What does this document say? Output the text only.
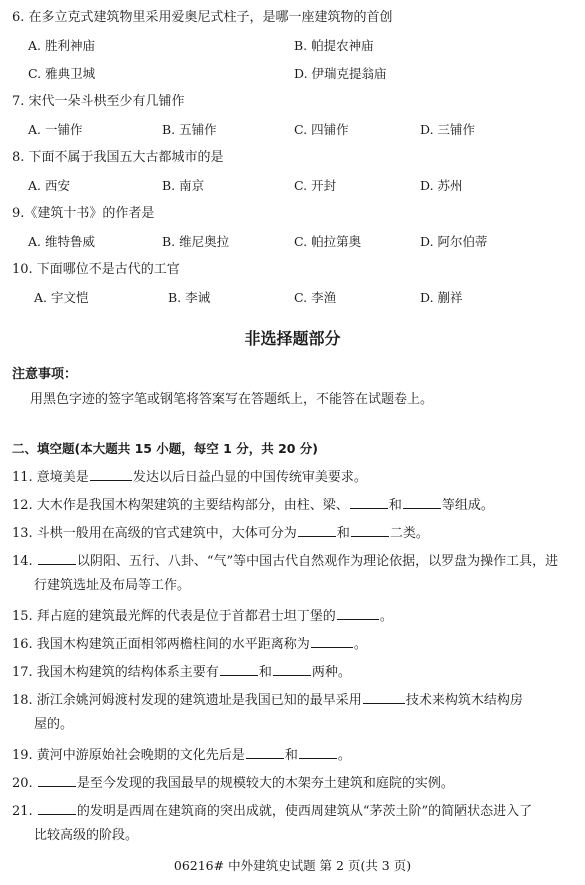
6. 在多立克式建筑物里采用爱奥尼式柱子，是哪一座建筑物的首创
A. 胜利神庙	B. 帕提农神庙
C. 雅典卫城	D. 伊瑞克提翁庙
7. 宋代一朵斗栱至少有几铺作
A. 一铺作	B. 五铺作	C. 四铺作	D. 三铺作
8. 下面不属于我国五大古都城市的是
A. 西安	B. 南京	C. 开封	D. 苏州
9.《建筑十书》的作者是
A. 维特鲁威	B. 维尼奥拉	C. 帕拉第奥	D. 阿尔伯蒂
10. 下面哪位不是古代的工官
A. 宇文恺	B. 李诫	C. 李渔	D. 蒯祥
非选择题部分
注意事项：
用黑色字迹的签字笔或钢笔将答案写在答题纸上，不能答在试题卷上。
二、填空题(本大题共 15 小题，每空 1 分，共 20 分)
11. 意境美是	发达以后日益凸显的中国传统审美要求。
12. 大木作是我国木构架建筑的主要结构部分，由柱、梁、	和	等组成。
13. 斗栱一般用在高级的官式建筑中，大体可分为	和	二类。
14.	以阴阳、五行、八卦、“气”等中国古代自然观作为理论依据，以罗盘为操作工具，进
行建筑选址及布局等工作。
15. 拜占庭的建筑最光辉的代表是位于首都君士坦丁堡的	。
16. 我国木构建筑正面相邻两檐柱间的水平距离称为	。
17. 我国木构建筑的结构体系主要有	和	两种。
18. 浙江余姚河姆渡村发现的建筑遗址是我国已知的最早采用	技术来构筑木结构房
屋的。
19. 黄河中游原始社会晚期的文化先后是	和	。
20.	是至今发现的我国最早的规模较大的木架夯土建筑和庭院的实例。
21.	的发明是西周在建筑商的突出成就，使西周建筑从“茅茨土阶”的简陋状态进入了
比较高级的阶段。
06216# 中外建筑史试题 第 2 页(共 3 页)
